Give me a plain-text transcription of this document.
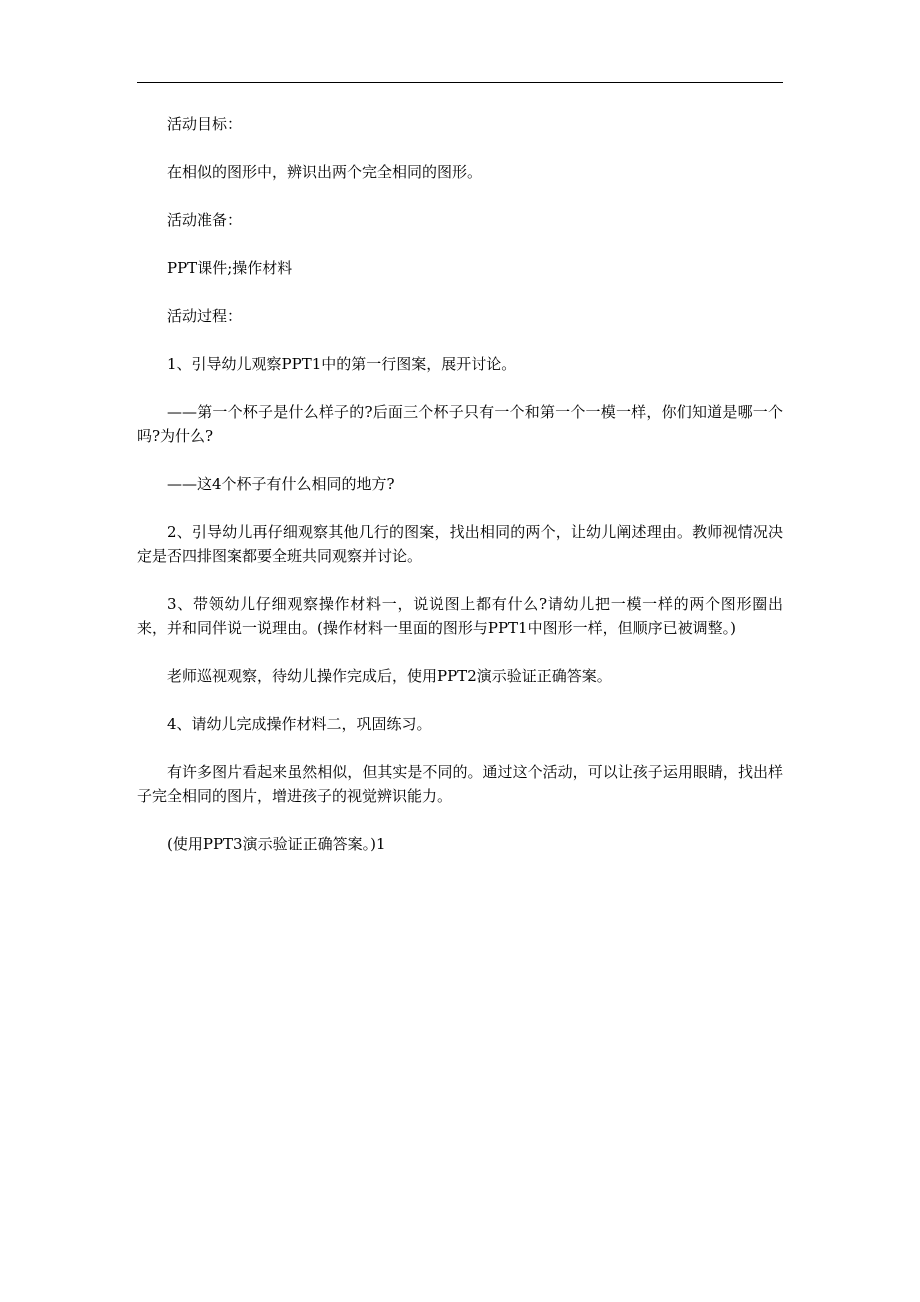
活动目标：

在相似的图形中，辨识出两个完全相同的图形。

活动准备：

PPT课件;操作材料

活动过程：

1、引导幼儿观察PPT1中的第一行图案，展开讨论。

——第一个杯子是什么样子的?后面三个杯子只有一个和第一个一模一样，你们知道是哪一个吗?为什么?

——这4个杯子有什么相同的地方?

2、引导幼儿再仔细观察其他几行的图案，找出相同的两个，让幼儿阐述理由。教师视情况决定是否四排图案都要全班共同观察并讨论。

3、带领幼儿仔细观察操作材料一，说说图上都有什么?请幼儿把一模一样的两个图形圈出来，并和同伴说一说理由。(操作材料一里面的图形与PPT1中图形一样，但顺序已被调整。)

老师巡视观察，待幼儿操作完成后，使用PPT2演示验证正确答案。

4、请幼儿完成操作材料二，巩固练习。

有许多图片看起来虽然相似，但其实是不同的。通过这个活动，可以让孩子运用眼睛，找出样子完全相同的图片，增进孩子的视觉辨识能力。

(使用PPT3演示验证正确答案。)1
